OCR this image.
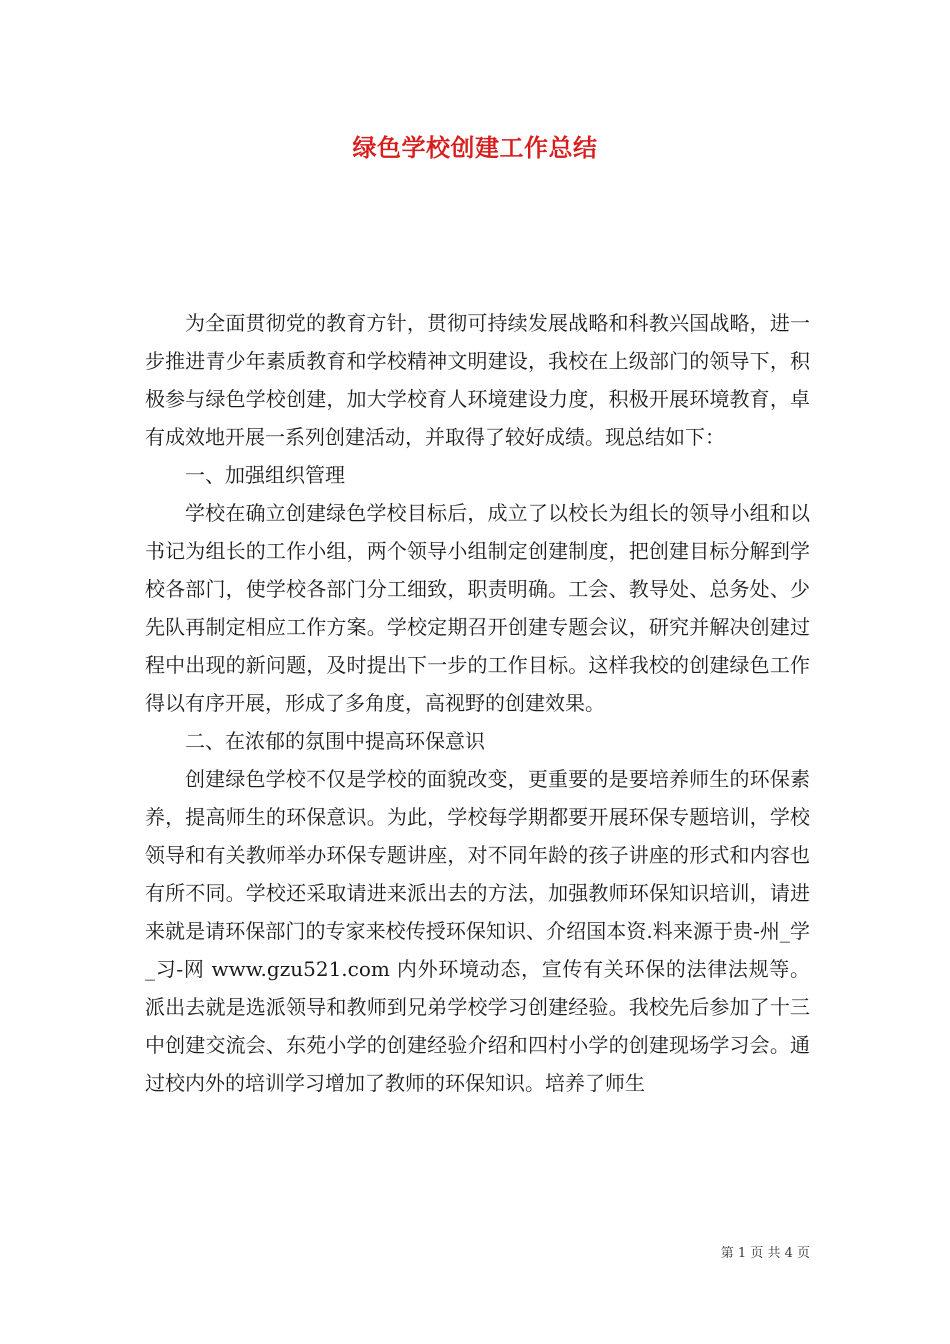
绿色学校创建工作总结

为全面贯彻党的教育方针，贯彻可持续发展战略和科教兴国战略，进一步推进青少年素质教育和学校精神文明建设，我校在上级部门的领导下，积极参与绿色学校创建，加大学校育人环境建设力度，积极开展环境教育，卓有成效地开展一系列创建活动，并取得了较好成绩。现总结如下：

一、加强组织管理

学校在确立创建绿色学校目标后，成立了以校长为组长的领导小组和以书记为组长的工作小组，两个领导小组制定创建制度，把创建目标分解到学校各部门，使学校各部门分工细致，职责明确。工会、教导处、总务处、少先队再制定相应工作方案。学校定期召开创建专题会议，研究并解决创建过程中出现的新问题，及时提出下一步的工作目标。这样我校的创建绿色工作得以有序开展，形成了多角度，高视野的创建效果。

二、在浓郁的氛围中提高环保意识

创建绿色学校不仅是学校的面貌改变，更重要的是要培养师生的环保素养，提高师生的环保意识。为此，学校每学期都要开展环保专题培训，学校领导和有关教师举办环保专题讲座，对不同年龄的孩子讲座的形式和内容也有所不同。学校还采取请进来派出去的方法，加强教师环保知识培训，请进来就是请环保部门的专家来校传授环保知识、介绍国本资.料来源于贵-州_学_习-网 www.gzu521.com 内外环境动态，宣传有关环保的法律法规等。派出去就是选派领导和教师到兄弟学校学习创建经验。我校先后参加了十三中创建交流会、东苑小学的创建经验介绍和四村小学的创建现场学习会。通过校内外的培训学习增加了教师的环保知识。培养了师生

第 1 页 共 4 页
